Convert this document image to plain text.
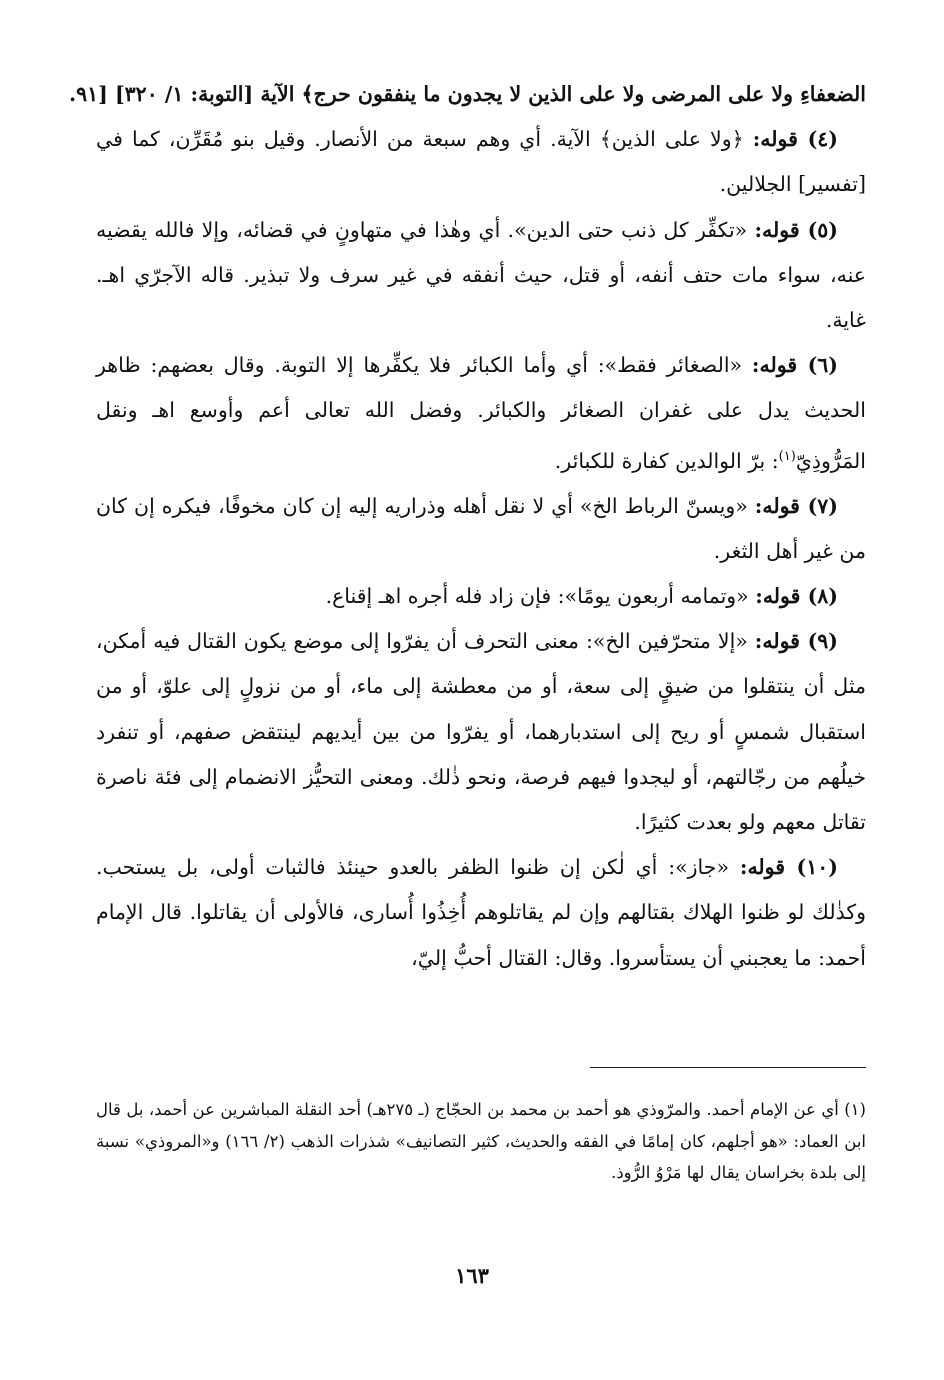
الضعفاءِ ولا على المرضى ولا على الذين لا يجدون ما ينفقون حرج﴾ الآية [التوبة: ١/ ٣٢٠] [٩١.

(٤) قوله: ﴿ولا على الذين﴾ الآية. أي وهم سبعة من الأنصار. وقيل بنو مُقَرِّن، كما في [تفسير] الجلالين.

(٥) قوله: «تكفِّر كل ذنب حتى الدين». أي وهٰذا في متهاونٍ في قضائه، وإلا فالله يقضيه عنه، سواء مات حتف أنفه، أو قتل، حيث أنفقه في غير سرف ولا تبذير. قاله الآجرّي اهـ. غاية.

(٦) قوله: «الصغائر فقط»: أي وأما الكبائر فلا يكفِّرها إلا التوبة. وقال بعضهم: ظاهر الحديث يدل على غفران الصغائر والكبائر. وفضل الله تعالى أعم وأوسع اهـ ونقل المَرُّوذِيّ$^{(١)}$: برّ الوالدين كفارة للكبائر.

(٧) قوله: «ويسنّ الرباط الخ» أي لا نقل أهله وذراريه إليه إن كان مخوفًا، فيكره إن كان من غير أهل الثغر.

(٨) قوله: «وتمامه أربعون يومًا»: فإن زاد فله أجره اهـ إقناع.

(٩) قوله: «إلا متحرّفين الخ»: معنى التحرف أن يفرّوا إلى موضع يكون القتال فيه أمكن، مثل أن ينتقلوا من ضيقٍ إلى سعة، أو من معطشة إلى ماء، أو من نزولٍ إلى علوّ، أو من استقبال شمسٍ أو ريح إلى استدبارهما، أو يفرّوا من بين أيديهم لينتقض صفهم، أو تنفرد خيلُهم من رجّالتهم، أو ليجدوا فيهم فرصة، ونحو ذٰلك. ومعنى التحيُّز الانضمام إلى فئة ناصرة تقاتل معهم ولو بعدت كثيرًا.

(١٠) قوله: «جاز»: أي لٰكن إن ظنوا الظفر بالعدو حينئذ فالثبات أولى، بل يستحب. وكذٰلك لو ظنوا الهلاك بقتالهم وإن لم يقاتلوهم أُخِذُوا أُسارى، فالأولى أن يقاتلوا. قال الإمام أحمد: ما يعجبني أن يستأسروا. وقال: القتال أحبُّ إليّ،

(١) أي عن الإمام أحمد. والمرّوذي هو أحمد بن محمد بن الحجّاج (ـ ٢٧٥هـ) أحد النقلة المباشرين عن أحمد، بل قال ابن العماد: «هو أجلهم، كان إمامًا في الفقه والحديث، كثير التصانيف» شذرات الذهب (٢/ ١٦٦) و«المروذي» نسبة إلى بلدة بخراسان يقال لها مَرْوُ الرُّوذ.

١٦٣
